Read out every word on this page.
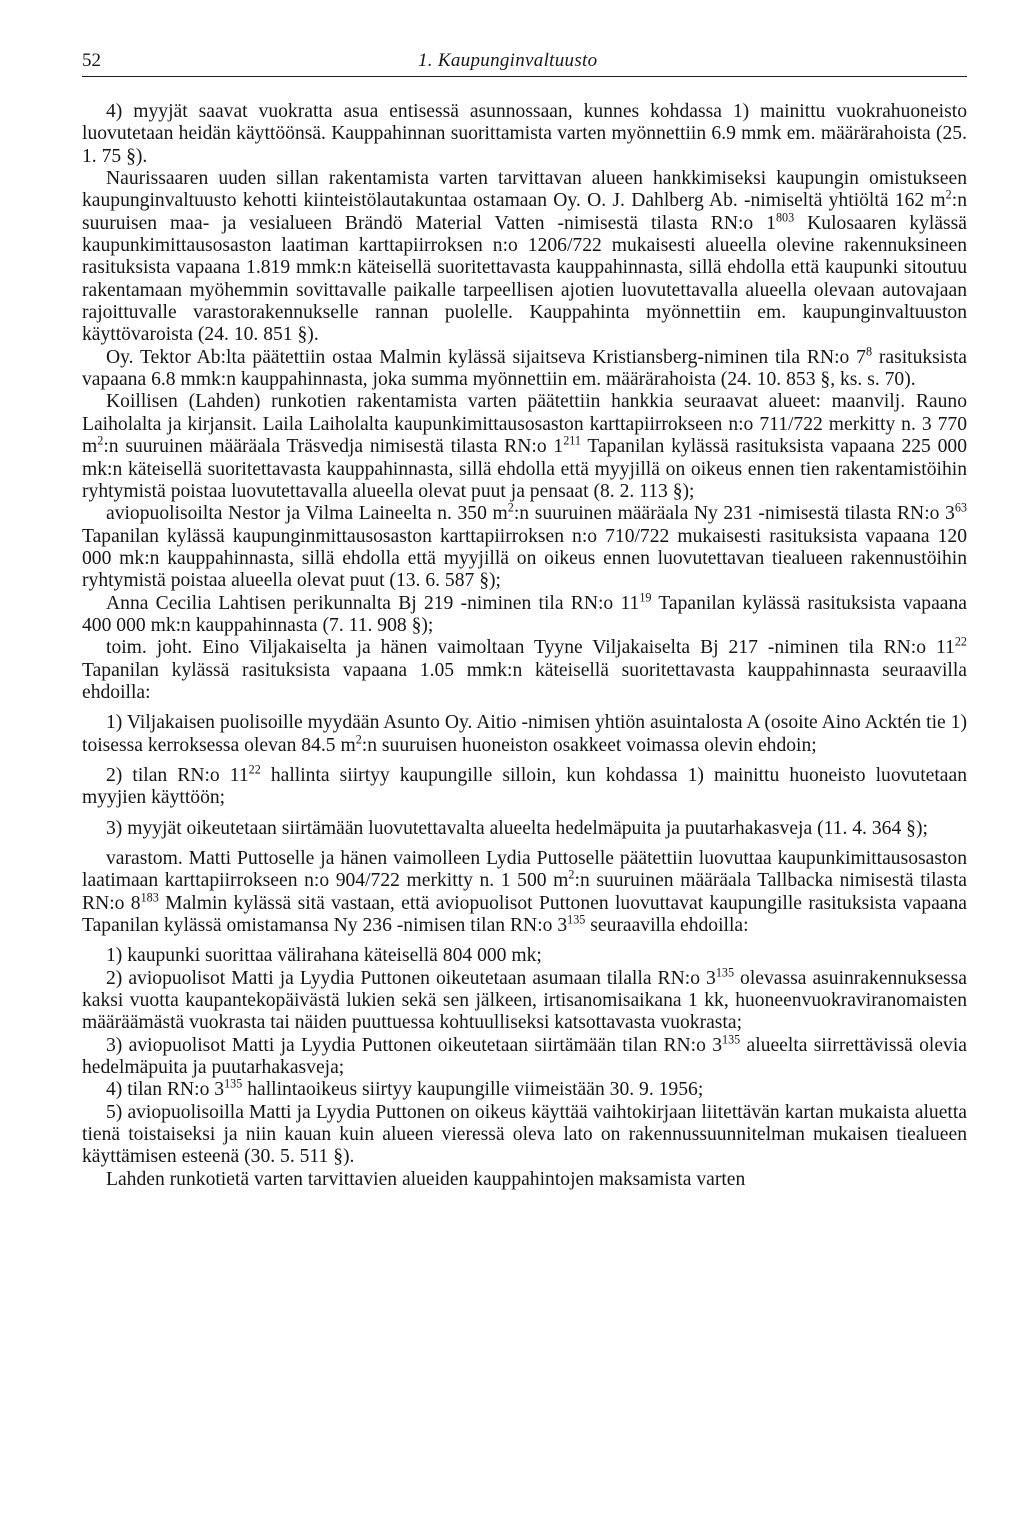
52	1. Kaupunginvaltuusto

4) myyjät saavat vuokratta asua entisessä asunnossaan, kunnes kohdassa 1) mainittu vuokrahuoneisto luovutetaan heidän käyttöönsä. Kauppahinnan suorittamista varten myönnettiin 6.9 mmk em. määrärahoista (25. 1. 75 §).

Naurissaaren uuden sillan rakentamista varten tarvittavan alueen hankkimiseksi kaupungin omistukseen kaupunginvaltuusto kehotti kiinteistölautakuntaa ostamaan Oy. O. J. Dahlberg Ab. -nimiseltä yhtiöltä 162 $m^2:n$ suuruisen maa- ja vesialueen Brändö Material Vatten -nimisestä tilasta RN:o $1^{803}$ Kulosaaren kylässä kaupunkimittausosaston laatiman karttapiirroksen n:o 1206/722 mukaisesti alueella olevine rakennuksineen rasituksista vapaana 1.819 mmk:n käteisellä suoritettavasta kauppahinnasta, sillä ehdolla että kaupunki sitoutuu rakentamaan myöhemmin sovittavalle paikalle tarpeellisen ajotien luovutettavalla alueella olevaan autovajaan rajoittuvalle varastorakennukselle rannan puolelle. Kauppahinta myönnettiin em. kaupunginvaltuuston käyttövaroista (24. 10. 851 §).

Oy. Tektor Ab:lta päätettiin ostaa Malmin kylässä sijaitseva Kristiansberg-niminen tila RN:o $7^8$ rasituksista vapaana 6.8 mmk:n kauppahinnasta, joka summa myönnettiin em. määrärahoista (24. 10. 853 §, ks. s. 70).

Koillisen (Lahden) runkotien rakentamista varten päätettiin hankkia seuraavat alueet: maanvilj. Rauno Laiholalta ja kirjansit. Laila Laiholalta kaupunkimittausosaston karttapiirrokseen n:o 711/722 merkitty n. 3 770 $m^2:n$ suuruinen määräala Träsvedja nimisestä tilasta RN:o $1^{211}$ Tapanilan kylässä rasituksista vapaana 225 000 mk:n käteisellä suoritettavasta kauppahinnasta, sillä ehdolla että myyjillä on oikeus ennen tien rakentamistöihin ryhtymistä poistaa luovutettavalla alueella olevat puut ja pensaat (8. 2. 113 §);

aviopuolisoilta Nestor ja Vilma Laineelta n. 350 $m^2:n$ suuruinen määräala Ny 231 -nimisestä tilasta RN:o $3^{63}$ Tapanilan kylässä kaupunginmittausosaston karttapiirroksen n:o 710/722 mukaisesti rasituksista vapaana 120 000 mk:n kauppahinnasta, sillä ehdolla että myyjillä on oikeus ennen luovutettavan tiealueen rakennustöihin ryhtymistä poistaa alueella olevat puut (13. 6. 587 §);

Anna Cecilia Lahtisen perikunnalta Bj 219 -niminen tila RN:o $11^{19}$ Tapanilan kylässä rasituksista vapaana 400 000 mk:n kauppahinnasta (7. 11. 908 §);

toim. joht. Eino Viljakaiselta ja hänen vaimoltaan Tyyne Viljakaiselta Bj 217 -niminen tila RN:o $11^{22}$ Tapanilan kylässä rasituksista vapaana 1.05 mmk:n käteisellä suoritettavasta kauppahinnasta seuraavilla ehdoilla:

1) Viljakaisen puolisoille myydään Asunto Oy. Aitio -nimisen yhtiön asuintalosta A (osoite Aino Acktén tie 1) toisessa kerroksessa olevan 84.5 $m^2:n$ suuruisen huoneiston osakkeet voimassa olevin ehdoin;

2) tilan RN:o $11^{22}$ hallinta siirtyy kaupungille silloin, kun kohdassa 1) mainittu huoneisto luovutetaan myyjien käyttöön;

3) myyjät oikeutetaan siirtämään luovutettavalta alueelta hedelmäpuita ja puutarhakasveja (11. 4. 364 §);

varastom. Matti Puttoselle ja hänen vaimolleen Lydia Puttoselle päätettiin luovuttaa kaupunkimittausosaston laatimaan karttapiirrokseen n:o 904/722 merkitty n. 1 500 $m^2:n$ suuruinen määräala Tallbacka nimisestä tilasta RN:o $8^{183}$ Malmin kylässä sitä vastaan, että aviopuolisot Puttonen luovuttavat kaupungille rasituksista vapaana Tapanilan kylässä omistamansa Ny 236 -nimisen tilan RN:o $3^{135}$ seuraavilla ehdoilla:

1) kaupunki suorittaa välirahana käteisellä 804 000 mk;

2) aviopuolisot Matti ja Lyydia Puttonen oikeutetaan asumaan tilalla RN:o $3^{135}$ olevassa asuinrakennuksessa kaksi vuotta kaupantekopäivästä lukien sekä sen jälkeen, irtisanomisaikana 1 kk, huoneenvuokraviranomaisten määräämästä vuokrasta tai näiden puuttuessa kohtuulliseksi katsottavasta vuokrasta;

3) aviopuolisot Matti ja Lyydia Puttonen oikeutetaan siirtämään tilan RN:o $3^{135}$ alueelta siirrettävissä olevia hedelmäpuita ja puutarhakasveja;

4) tilan RN:o $3^{135}$ hallintaoikeus siirtyy kaupungille viimeistään 30. 9. 1956;

5) aviopuolisoilla Matti ja Lyydia Puttonen on oikeus käyttää vaihtokirjaan liitettävän kartan mukaista aluetta tienä toistaiseksi ja niin kauan kuin alueen vieressä oleva lato on rakennussuunnitelman mukaisen tiealueen käyttämisen esteenä (30. 5. 511 §).

Lahden runkotietä varten tarvittavien alueiden kauppahintojen maksamista varten
